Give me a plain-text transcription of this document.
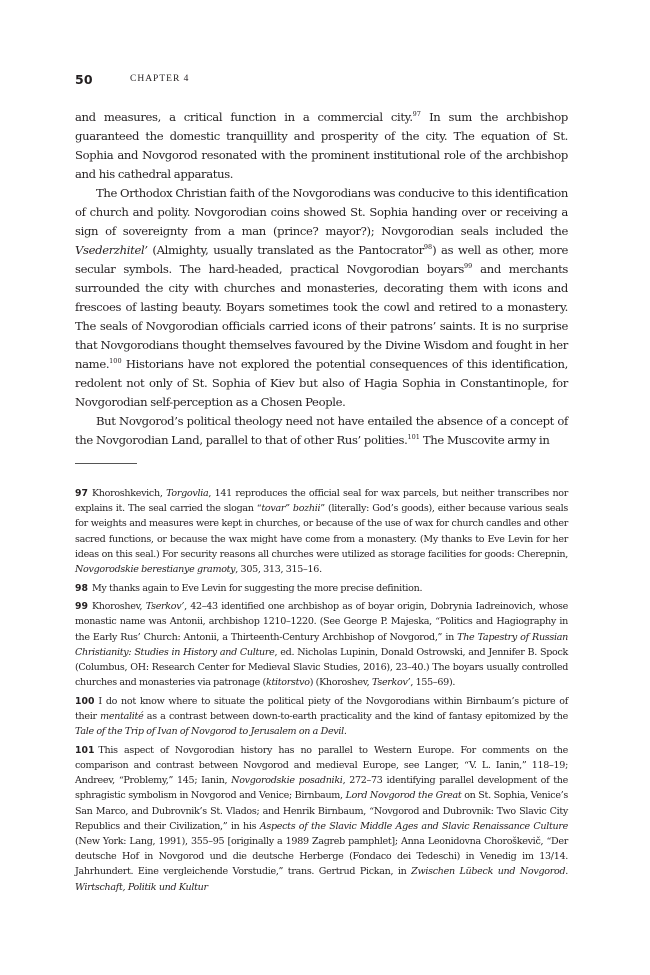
50	CHAPTER 4

and measures, a critical function in a commercial city.$^{97}$ In sum the archbishop guaranteed the domestic tranquillity and prosperity of the city. The equation of St. Sophia and Novgorod resonated with the prominent institutional role of the archbishop and his cathedral apparatus.

The Orthodox Christian faith of the Novgorodians was conducive to this identification of church and polity. Novgorodian coins showed St. Sophia handing over or receiving a sign of sovereignty from a man (prince? mayor?); Novgorodian seals included the Vsederzhitel’ (Almighty, usually translated as the Pantocrator$^{98}$) as well as other, more secular symbols. The hard-headed, practical Novgorodian boyars$^{99}$ and merchants surrounded the city with churches and monasteries, decorating them with icons and frescoes of lasting beauty. Boyars sometimes took the cowl and retired to a monastery. The seals of Novgorodian officials carried icons of their patrons’ saints. It is no surprise that Novgorodians thought themselves favoured by the Divine Wisdom and fought in her name.$^{100}$ Historians have not explored the potential consequences of this identification, redolent not only of St. Sophia of Kiev but also of Hagia Sophia in Constantinople, for Novgorodian self-perception as a Chosen People.

But Novgorod’s political theology need not have entailed the absence of a concept of the Novgorodian Land, parallel to that of other Rus’ polities.$^{101}$ The Muscovite army in

97 Khoroshkevich, Torgovlia, 141 reproduces the official seal for wax parcels, but neither transcribes nor explains it. The seal carried the slogan “tovar” bozhii” (literally: God’s goods), either because various seals for weights and measures were kept in churches, or because of the use of wax for church candles and other sacred functions, or because the wax might have come from a monastery. (My thanks to Eve Levin for her ideas on this seal.) For security reasons all churches were utilized as storage facilities for goods: Cherepnin, Novgorodskie berestianye gramoty, 305, 313, 315–16.

98 My thanks again to Eve Levin for suggesting the more precise definition.

99 Khoroshev, Tserkov’, 42–43 identified one archbishop as of boyar origin, Dobrynia Iadreinovich, whose monastic name was Antonii, archbishop 1210–1220. (See George P. Majeska, “Politics and Hagiography in the Early Rus’ Church: Antonii, a Thirteenth-Century Archbishop of Novgorod,” in The Tapestry of Russian Christianity: Studies in History and Culture, ed. Nicholas Lupinin, Donald Ostrowski, and Jennifer B. Spock (Columbus, OH: Research Center for Medieval Slavic Studies, 2016), 23–40.) The boyars usually controlled churches and monasteries via patronage (ktitorstvo) (Khoroshev, Tserkov’, 155–69).

100 I do not know where to situate the political piety of the Novgorodians within Birnbaum’s picture of their mentalité as a contrast between down-to-earth practicality and the kind of fantasy epitomized by the Tale of the Trip of Ivan of Novgorod to Jerusalem on a Devil.

101 This aspect of Novgorodian history has no parallel to Western Europe. For comments on the comparison and contrast between Novgorod and medieval Europe, see Langer, “V. L. Ianin,” 118–19; Andreev, “Problemy,” 145; Ianin, Novgorodskie posadniki, 272–73 identifying parallel development of the sphragistic symbolism in Novgorod and Venice; Birnbaum, Lord Novgorod the Great on St. Sophia, Venice’s San Marco, and Dubrovnik’s St. Vlados; and Henrik Birnbaum, “Novgorod and Dubrovnik: Two Slavic City Republics and their Civilization,” in his Aspects of the Slavic Middle Ages and Slavic Renaissance Culture (New York: Lang, 1991), 355–95 [originally a 1989 Zagreb pamphlet]; Anna Leonidovna Choroškevič, “Der deutsche Hof in Novgorod und die deutsche Herberge (Fondaco dei Tedeschi) in Venedig im 13/14. Jahrhundert. Eine vergleichende Vorstudie,” trans. Gertrud Pickan, in Zwischen Lübeck und Novgorod. Wirtschaft, Politik und Kultur
